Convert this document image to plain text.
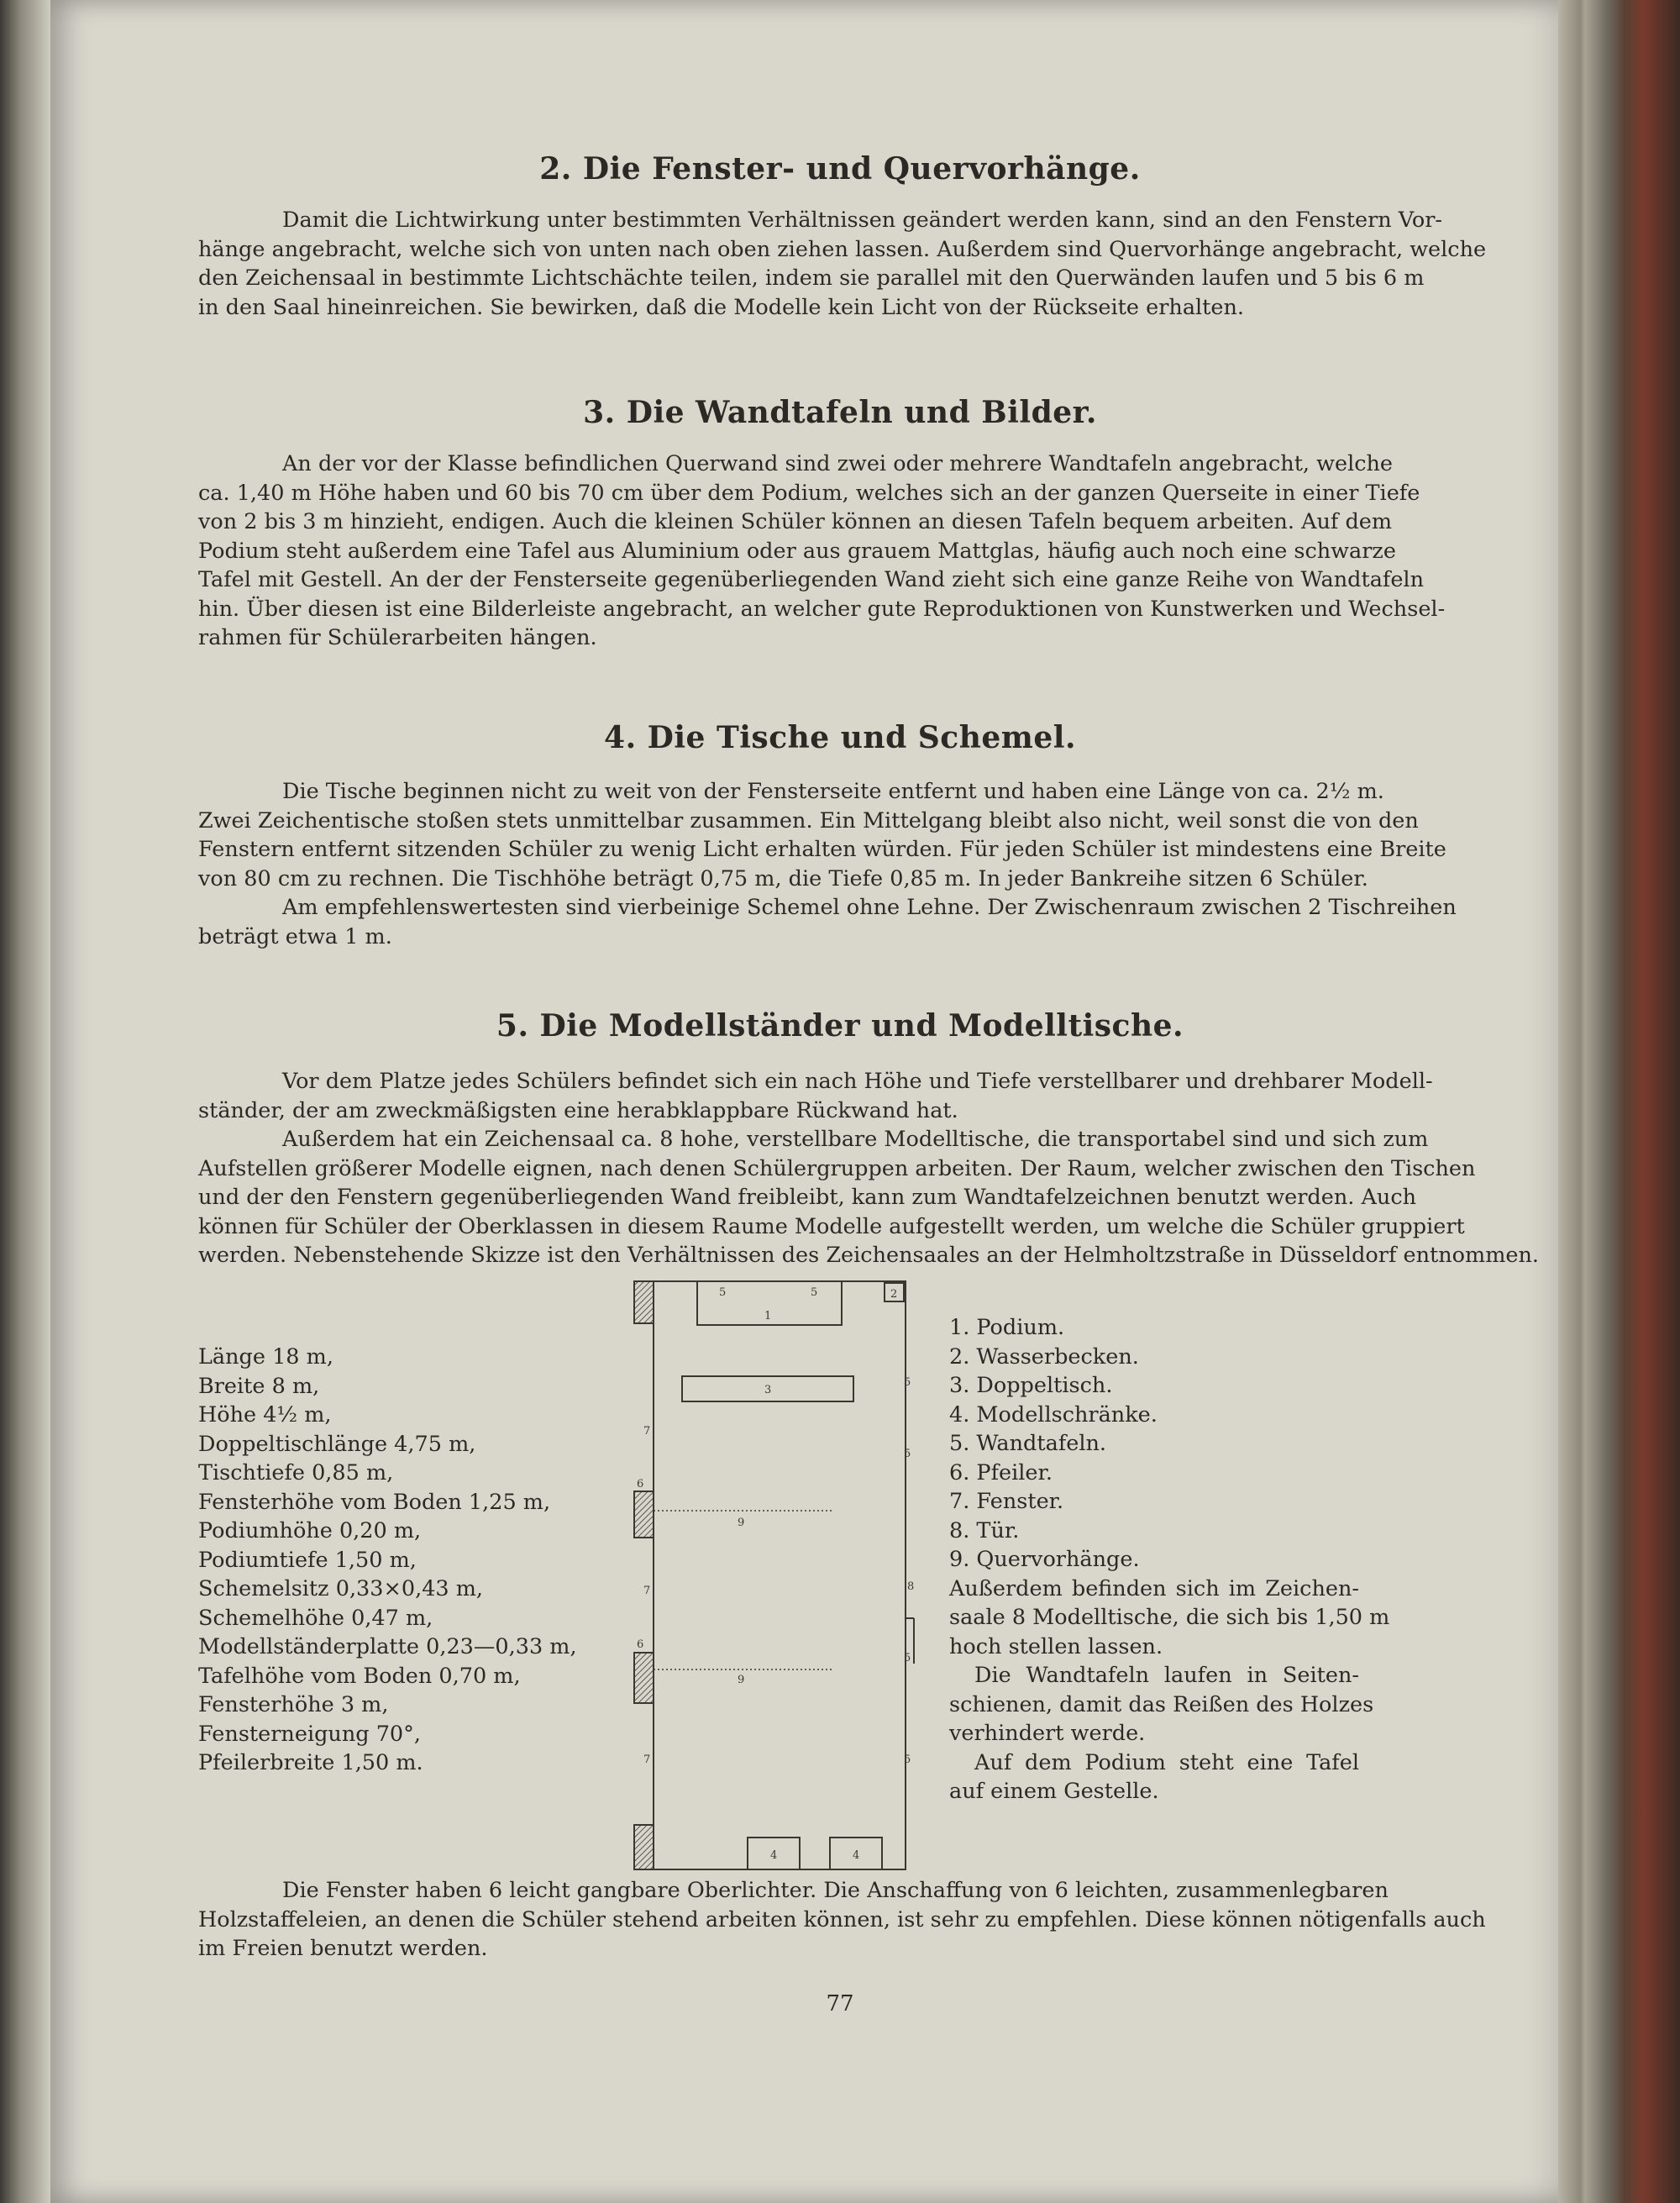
2. Die Fenster- und Quervorhänge.
Damit die Lichtwirkung unter bestimmten Verhältnissen geändert werden kann, sind an den Fenstern Vor-
hänge angebracht, welche sich von unten nach oben ziehen lassen. Außerdem sind Quervorhänge angebracht, welche
den Zeichensaal in bestimmte Lichtschächte teilen, indem sie parallel mit den Querwänden laufen und 5 bis 6 m
in den Saal hineinreichen. Sie bewirken, daß die Modelle kein Licht von der Rückseite erhalten.
3. Die Wandtafeln und Bilder.
An der vor der Klasse befindlichen Querwand sind zwei oder mehrere Wandtafeln angebracht, welche
ca. 1,40 m Höhe haben und 60 bis 70 cm über dem Podium, welches sich an der ganzen Querseite in einer Tiefe
von 2 bis 3 m hinzieht, endigen. Auch die kleinen Schüler können an diesen Tafeln bequem arbeiten. Auf dem
Podium steht außerdem eine Tafel aus Aluminium oder aus grauem Mattglas, häufig auch noch eine schwarze
Tafel mit Gestell. An der der Fensterseite gegenüberliegenden Wand zieht sich eine ganze Reihe von Wandtafeln
hin. Über diesen ist eine Bilderleiste angebracht, an welcher gute Reproduktionen von Kunstwerken und Wechsel-
rahmen für Schülerarbeiten hängen.
4. Die Tische und Schemel.
Die Tische beginnen nicht zu weit von der Fensterseite entfernt und haben eine Länge von ca. 2½ m.
Zwei Zeichentische stoßen stets unmittelbar zusammen. Ein Mittelgang bleibt also nicht, weil sonst die von den
Fenstern entfernt sitzenden Schüler zu wenig Licht erhalten würden. Für jeden Schüler ist mindestens eine Breite
von 80 cm zu rechnen. Die Tischhöhe beträgt 0,75 m, die Tiefe 0,85 m. In jeder Bankreihe sitzen 6 Schüler.
Am empfehlenswertesten sind vierbeinige Schemel ohne Lehne. Der Zwischenraum zwischen 2 Tischreihen
beträgt etwa 1 m.
5. Die Modellständer und Modelltische.
Vor dem Platze jedes Schülers befindet sich ein nach Höhe und Tiefe verstellbarer und drehbarer Modell-
ständer, der am zweckmäßigsten eine herabklappbare Rückwand hat.
Außerdem hat ein Zeichensaal ca. 8 hohe, verstellbare Modelltische, die transportabel sind und sich zum
Aufstellen größerer Modelle eignen, nach denen Schülergruppen arbeiten. Der Raum, welcher zwischen den Tischen
und der den Fenstern gegenüberliegenden Wand freibleibt, kann zum Wandtafelzeichnen benutzt werden. Auch
können für Schüler der Oberklassen in diesem Raume Modelle aufgestellt werden, um welche die Schüler gruppiert
werden. Nebenstehende Skizze ist den Verhältnissen des Zeichensaales an der Helmholtzstraße in Düsseldorf entnommen.
Länge 18 m,
Breite 8 m,
Höhe 4½ m,
Doppeltischlänge 4,75 m,
Tischtiefe 0,85 m,
Fensterhöhe vom Boden 1,25 m,
Podiumhöhe 0,20 m,
Podiumtiefe 1,50 m,
Schemelsitz 0,33×0,43 m,
Schemelhöhe 0,47 m,
Modellständerplatte 0,23—0,33 m,
Tafelhöhe vom Boden 0,70 m,
Fensterhöhe 3 m,
Fensterneigung 70°,
Pfeilerbreite 1,50 m.
5	5
1
2
3
7
7
7
6
6
9
9
5
5
5
5
8
4	4
1. Podium.
2. Wasserbecken.
3. Doppeltisch.
4. Modellschränke.
5. Wandtafeln.
6. Pfeiler.
7. Fenster.
8. Tür.
9. Quervorhänge.
Außerdem befinden sich im Zeichen-
saale 8 Modelltische, die sich bis 1,50 m
hoch stellen lassen.
Die Wandtafeln laufen in Seiten-
schienen, damit das Reißen des Holzes
verhindert werde.
Auf dem Podium steht eine Tafel
auf einem Gestelle.
Die Fenster haben 6 leicht gangbare Oberlichter. Die Anschaffung von 6 leichten, zusammenlegbaren
Holzstaffeleien, an denen die Schüler stehend arbeiten können, ist sehr zu empfehlen. Diese können nötigenfalls auch
im Freien benutzt werden.
77
